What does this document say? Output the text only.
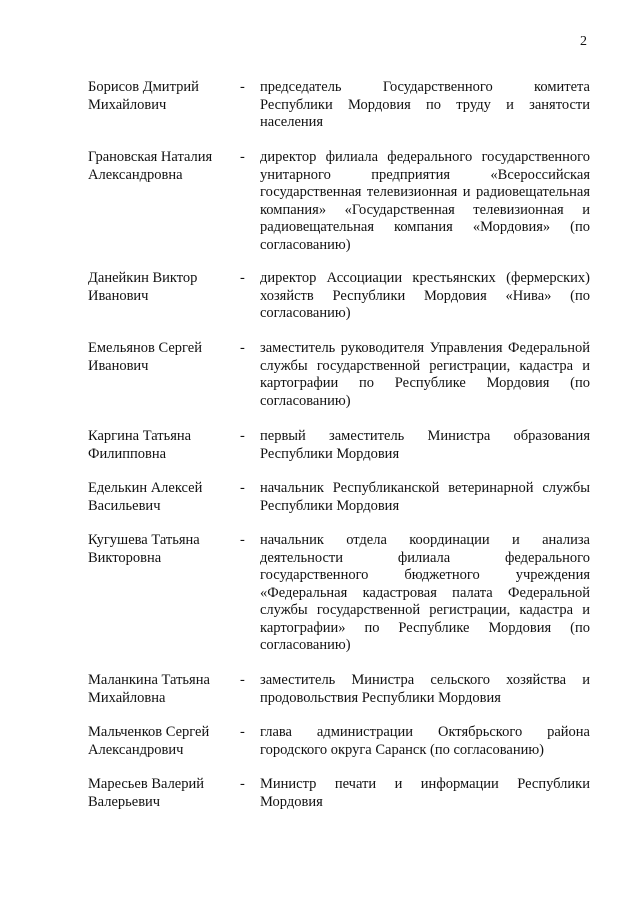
2
Борисов Дмитрий
Михайлович
-	председатель Государственного комитета Республики Мордовия по труду и занятости населения
Грановская Наталия
Александровна
-	директор филиала федерального государственного унитарного предприятия «Всероссийская государственная телевизионная и радиовещательная компания» «Государственная телевизионная и радиовещательная компания «Мордовия» (по согласованию)
Данейкин Виктор
Иванович
-	директор Ассоциации крестьянских (фермерских) хозяйств Республики Мордовия «Нива» (по согласованию)
Емельянов Сергей
Иванович
-	заместитель руководителя Управления Федеральной службы государственной регистрации, кадастра и картографии по Республике Мордовия (по согласованию)
Каргина Татьяна
Филипповна
-	первый заместитель Министра образования Республики Мордовия
Еделькин Алексей
Васильевич
-	начальник Республиканской ветеринарной службы Республики Мордовия
Кугушева Татьяна
Викторовна
-	начальник отдела координации и анализа деятельности филиала федерального государственного бюджетного учреждения «Федеральная кадастровая палата Федеральной службы государственной регистрации, кадастра и картографии» по Республике Мордовия (по согласованию)
Маланкина Татьяна
Михайловна
-	заместитель Министра сельского хозяйства и продовольствия Республики Мордовия
Мальченков Сергей
Александрович
-	глава администрации Октябрьского района городского округа Саранск (по согласованию)
Маресьев Валерий
Валерьевич
-	Министр печати и информации Республики Мордовия
